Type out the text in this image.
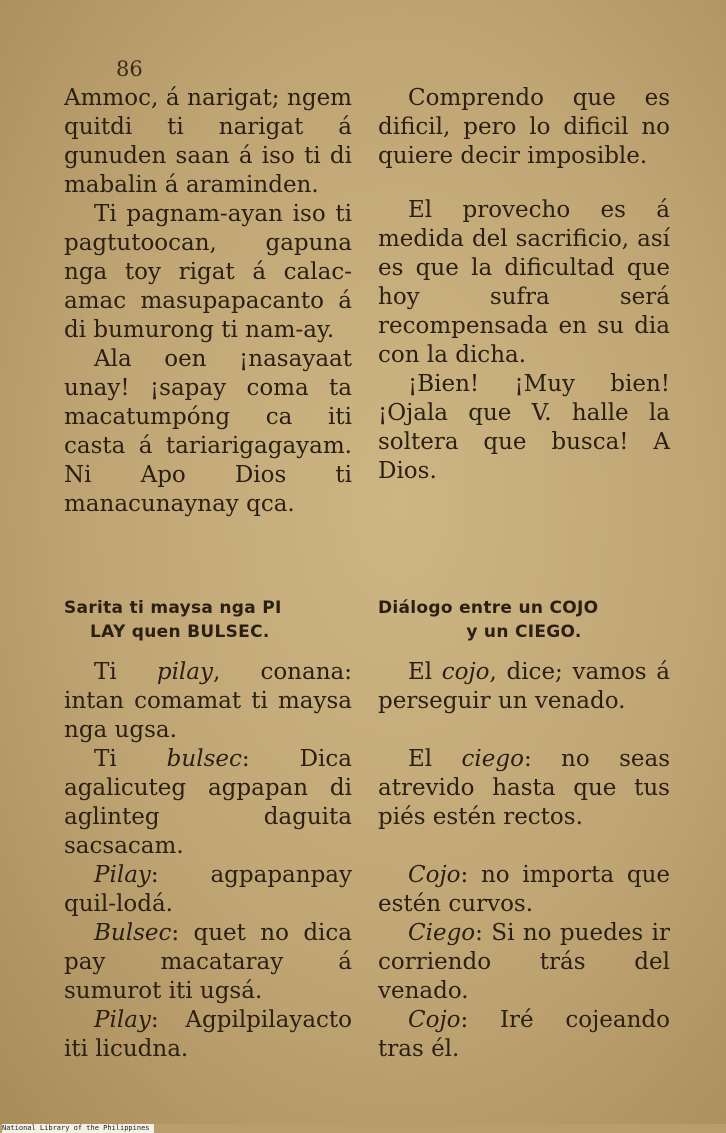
86

Ammoc, á narigat; ngem quitdi ti narigat á gunuden saan á iso ti di mabalin á araminden.

Ti pagnam-ayan iso ti pagtutoocan, gapuna nga toy rigat á calac-amac masupapacanto á di bumurong ti nam-ay.

Ala oen ¡nasayaat unay! ¡sapay coma ta macatumpóng ca iti casta á tariarigagayam. Ni Apo Dios ti manacunaynay qca.

Sarita ti maysa nga PI

LAY quen BULSEC.

Ti pilay, conana: intan comamat ti maysa nga ugsa.

Ti bulsec: Dica agalicuteg agpapan di aglinteg daguita sacsacam.

Pilay: agpapanpay quil-lodá.

Bulsec: quet no dica pay macataray á sumurot iti ugsá.

Pilay: Agpilpilayacto iti licudna.

Comprendo que es dificil, pero lo dificil no quiere decir imposible.

El provecho es á medida del sacrificio, así es que la dificultad que hoy sufra será recompensada en su dia con la dicha.

¡Bien! ¡Muy bien! ¡Ojala que V. halle la soltera que busca! A Dios.

Diálogo entre un COJO

y un CIEGO.

El cojo, dice; vamos á perseguir un venado.

El ciego: no seas atrevido hasta que tus piés estén rectos.

Cojo: no importa que estén curvos.

Ciego: Si no puedes ir corriendo trás del venado.

Cojo: Iré cojeando tras él.

National Library of the Philippines
